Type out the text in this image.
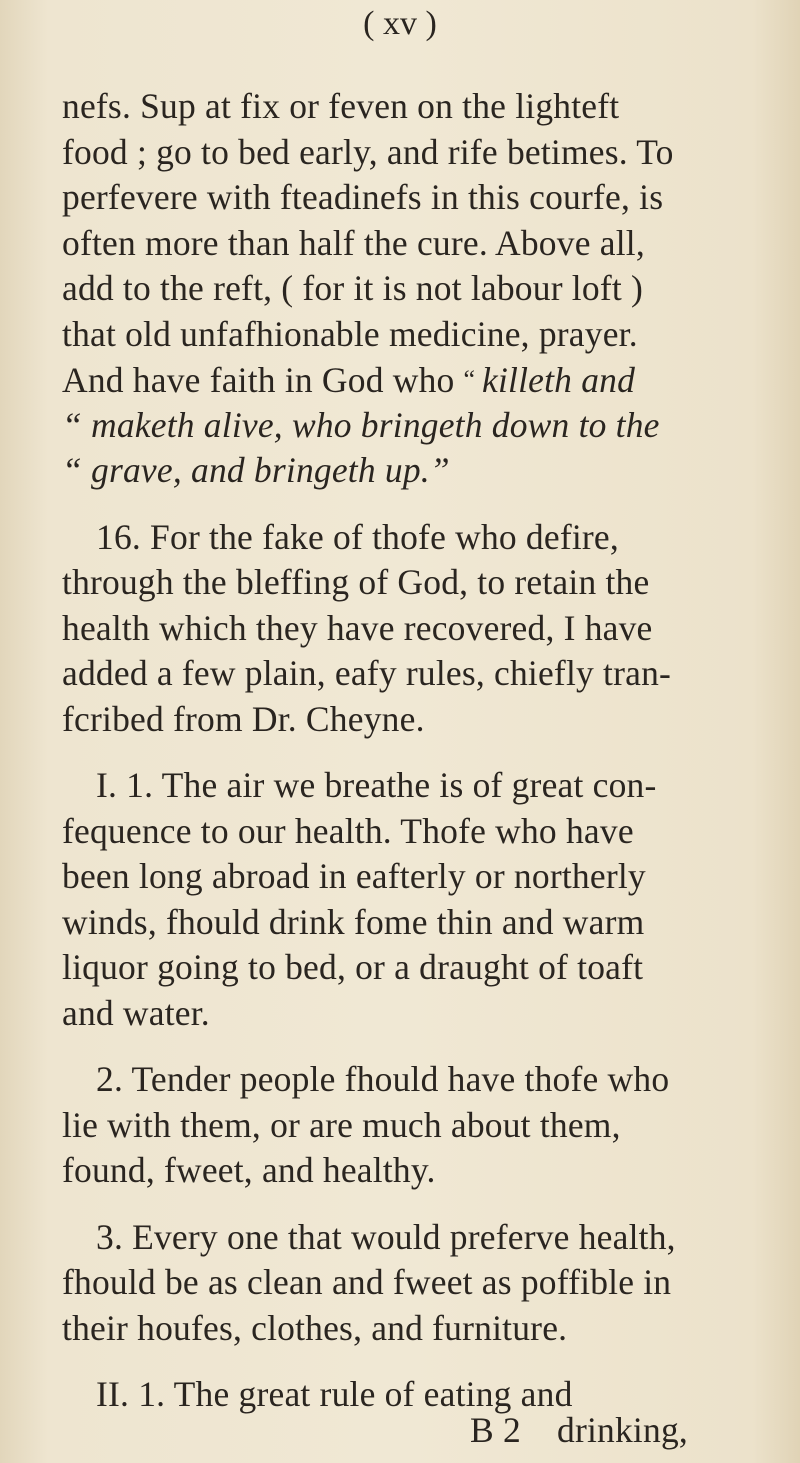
( xv )
nefs. Sup at fix or feven on the lighteft
food ; go to bed early, and rife betimes. To
perfevere with fteadinefs in this courfe, is
often more than half the cure. Above all,
add to the reft, ( for it is not labour loft )
that old unfafhionable medicine, prayer.
And have faith in God who “ killeth and
“ maketh alive, who bringeth down to the
“ grave, and bringeth up.”
16. For the fake of thofe who defire,
through the bleffing of God, to retain the
health which they have recovered, I have
added a few plain, eafy rules, chiefly tran-
fcribed from Dr. Cheyne.
I. 1. The air we breathe is of great con-
fequence to our health. Thofe who have
been long abroad in eafterly or northerly
winds, fhould drink fome thin and warm
liquor going to bed, or a draught of toaft
and water.
2. Tender people fhould have thofe who
lie with them, or are much about them,
found, fweet, and healthy.
3. Every one that would preferve health,
fhould be as clean and fweet as poffible in
their houfes, clothes, and furniture.
II. 1. The great rule of eating and
B 2 drinking,
